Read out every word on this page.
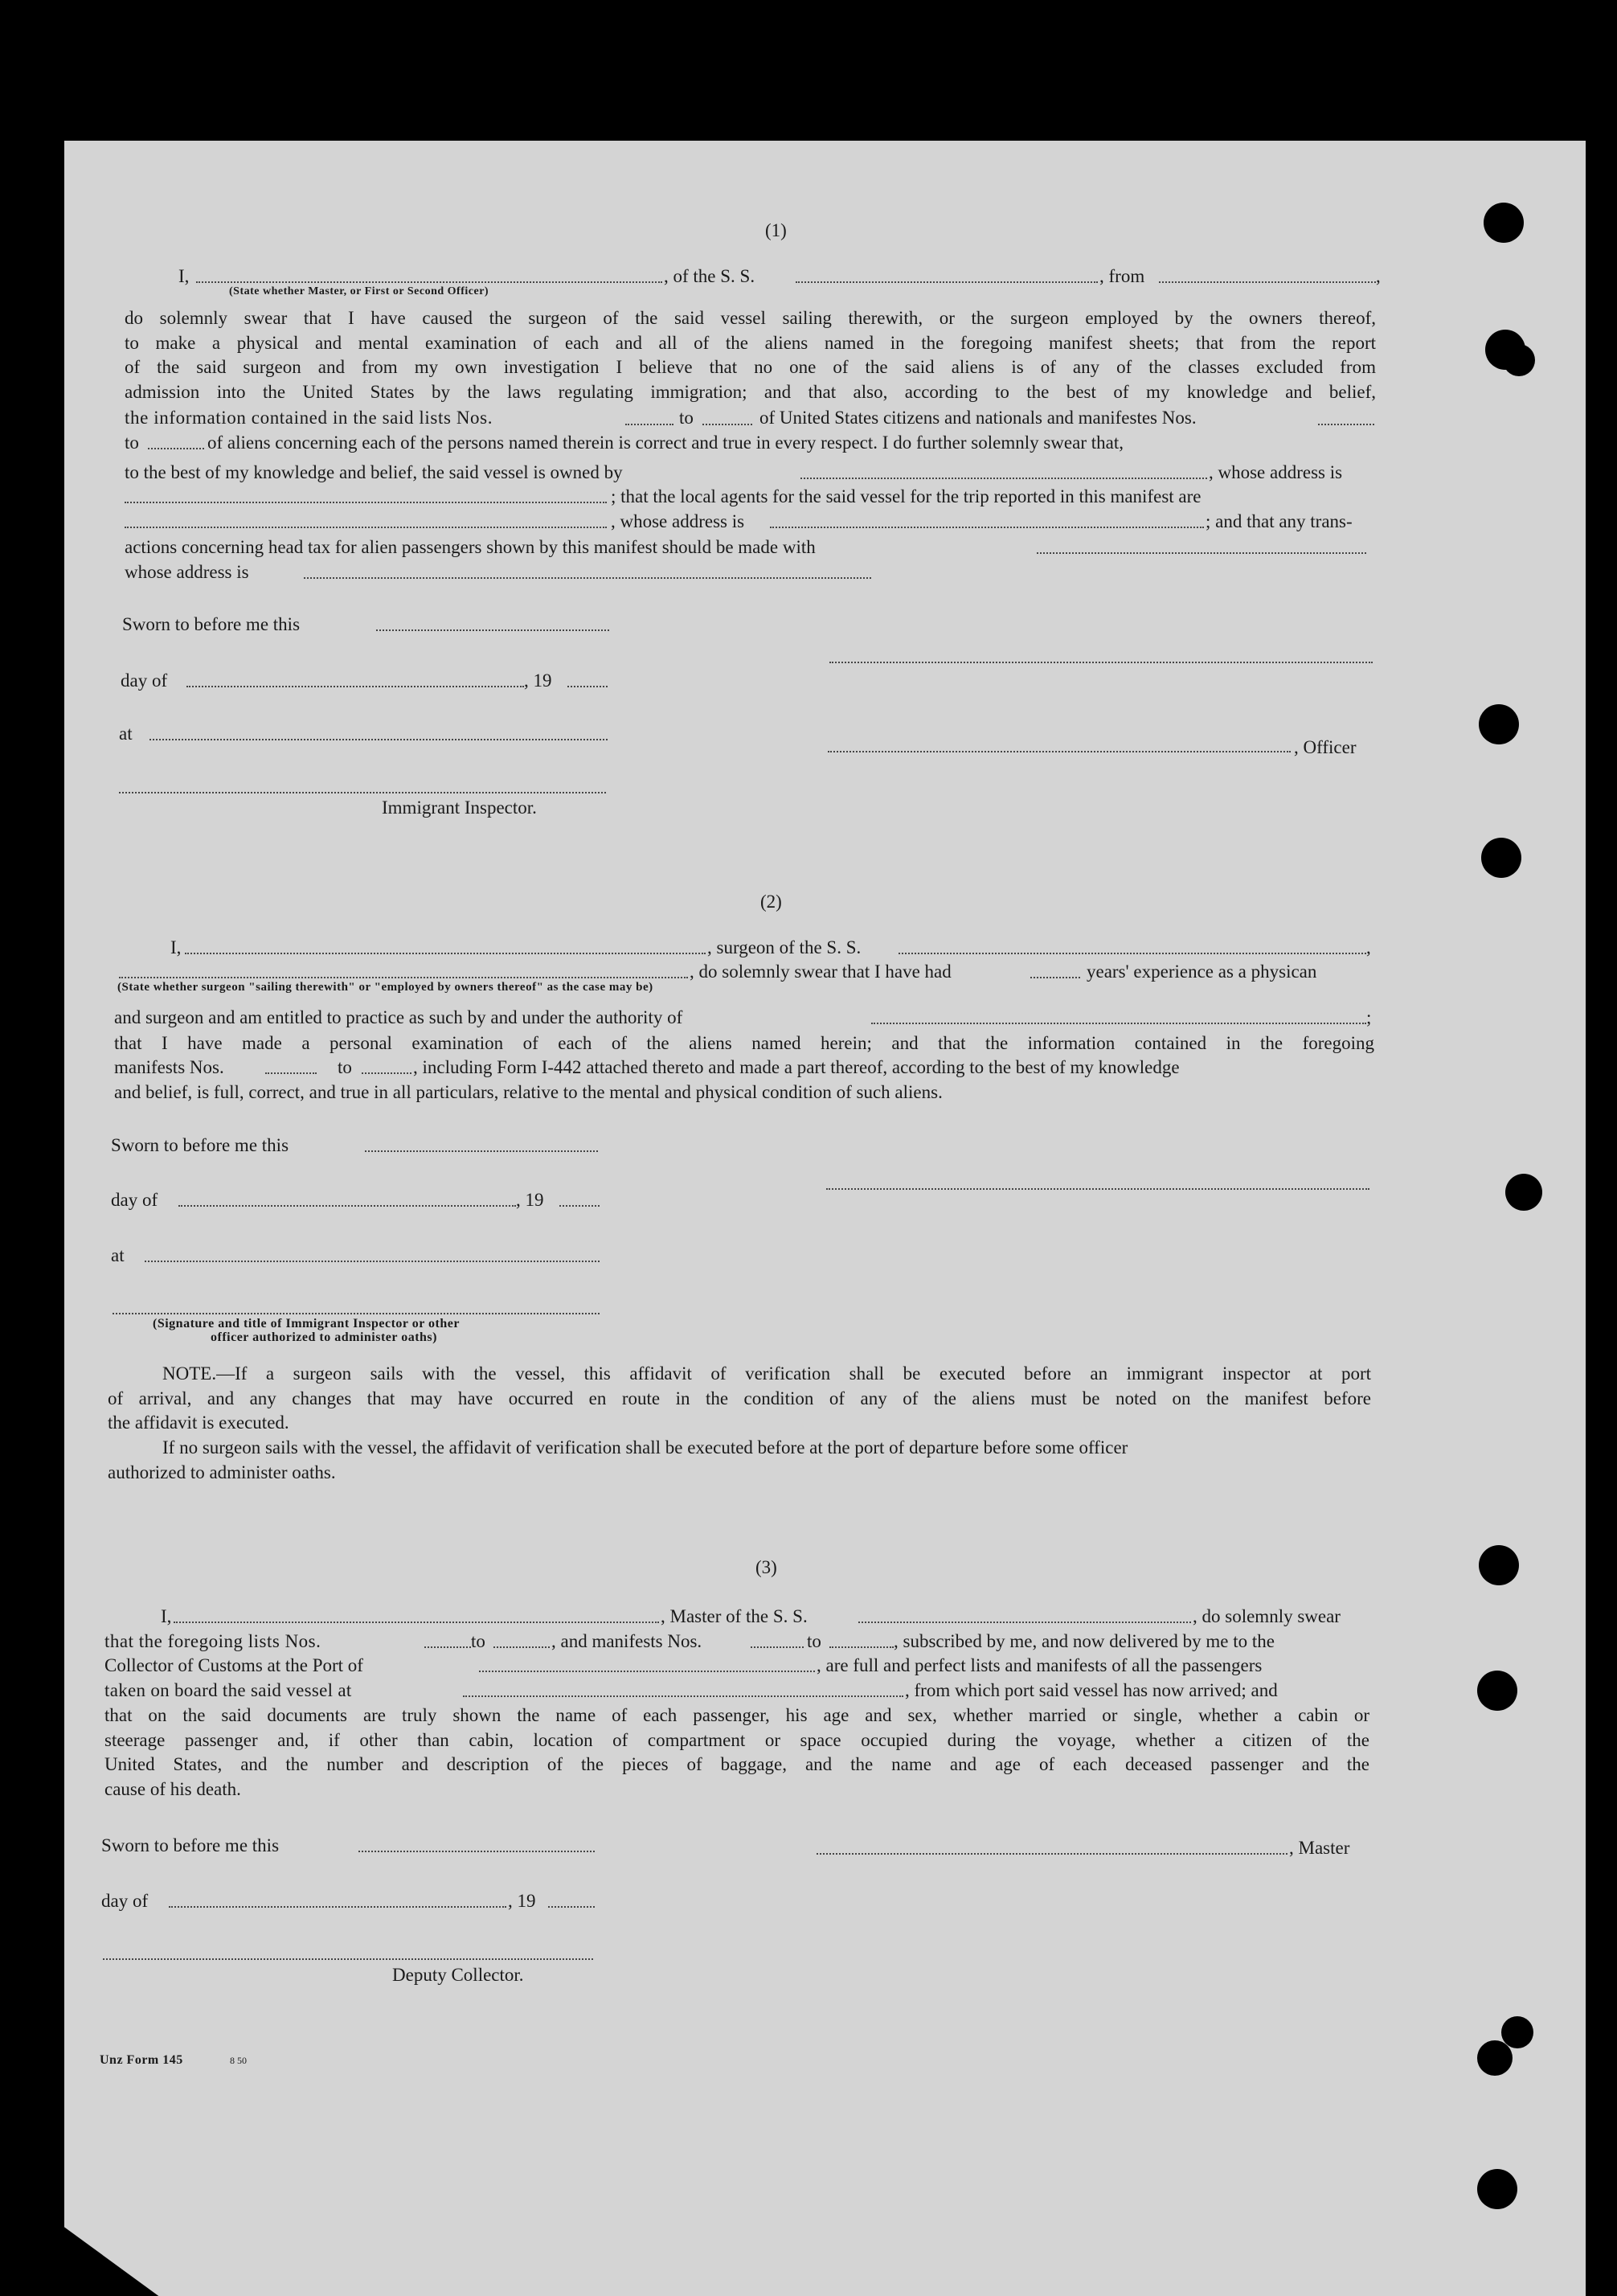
(1)
I,
(State whether Master, or First or Second Officer)
, of the S. S.	, from	,
do solemnly swear that I have caused the surgeon of the said vessel sailing therewith, or the surgeon employed by the owners thereof,
to make a physical and mental examination of each and all of the aliens named in the foregoing manifest sheets; that from the report
of the said surgeon and from my own investigation I believe that no one of the said aliens is of any of the classes excluded from
admission into the United States by the laws regulating immigration; and that also, according to the best of my knowledge and belief,
the information contained in the said lists Nos.	to	of United States citizens and nationals and manifestes Nos.
to	of aliens concerning each of the persons named therein is correct and true in every respect. I do further solemnly swear that,
to the best of my knowledge and belief, the said vessel is owned by	, whose address is
; that the local agents for the said vessel for the trip reported in this manifest are
, whose address is	; and that any trans-
actions concerning head tax for alien passengers shown by this manifest should be made with
whose address is
Sworn to before me this
day of	, 19
at
, Officer
Immigrant Inspector.
(2)
I,	, surgeon of the S. S.	,
, do solemnly swear that I have had	years' experience as a physican
(State whether surgeon "sailing therewith" or "employed by owners thereof" as the case may be)
and surgeon and am entitled to practice as such by and under the authority of	;
that I have made a personal examination of each of the aliens named herein; and that the information contained in the foregoing
manifests Nos.	to	, including Form I-442 attached thereto and made a part thereof, according to the best of my knowledge
and belief, is full, correct, and true in all particulars, relative to the mental and physical condition of such aliens.
Sworn to before me this
day of	, 19
at
(Signature and title of Immigrant Inspector or other
officer authorized to administer oaths)
NOTE.—If a surgeon sails with the vessel, this affidavit of verification shall be executed before an immigrant inspector at port
of arrival, and any changes that may have occurred en route in the condition of any of the aliens must be noted on the manifest before
the affidavit is executed.
If no surgeon sails with the vessel, the affidavit of verification shall be executed before at the port of departure before some officer
authorized to administer oaths.
(3)
I,	, Master of the S. S.	, do solemnly swear
that the foregoing lists Nos.	to	, and manifests Nos.	to	, subscribed by me, and now delivered by me to the
Collector of Customs at the Port of	, are full and perfect lists and manifests of all the passengers
taken on board the said vessel at	, from which port said vessel has now arrived; and
that on the said documents are truly shown the name of each passenger, his age and sex, whether married or single, whether a cabin or
steerage passenger and, if other than cabin, location of compartment or space occupied during the voyage, whether a citizen of the
United States, and the number and description of the pieces of baggage, and the name and age of each deceased passenger and the
cause of his death.
Sworn to before me this	, Master
day of	, 19
Deputy Collector.
Unz Form 145	8 50
